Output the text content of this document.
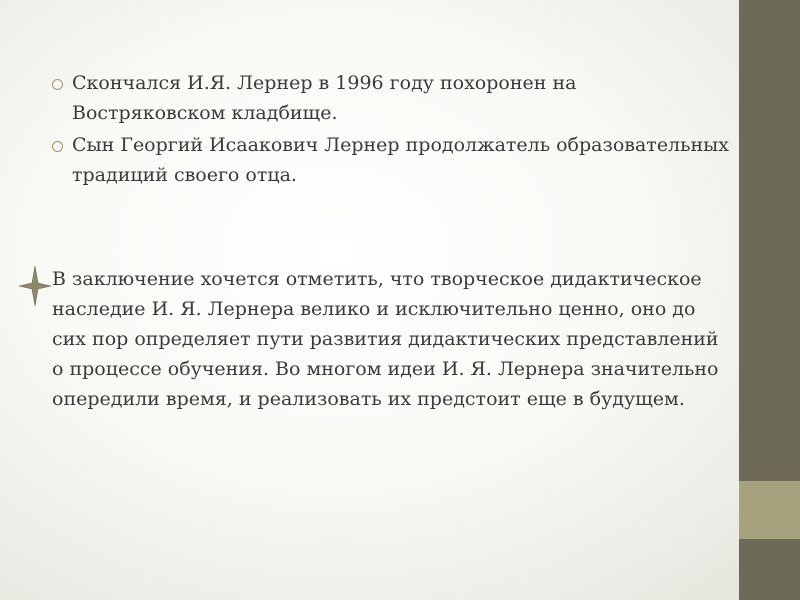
Скончался И.Я. Лернер в 1996 году похоронен на Востряковском кладбище.
Сын Георгий Исаакович Лернер продолжатель образовательных традиций своего отца.

В заключение хочется отметить, что творческое дидактическое наследие И. Я. Лернера велико и исключительно ценно, оно до сих пор определяет пути развития дидактических представлений о процессе обучения. Во многом идеи И. Я. Лернера значительно опередили время, и реализовать их предстоит еще в будущем.
